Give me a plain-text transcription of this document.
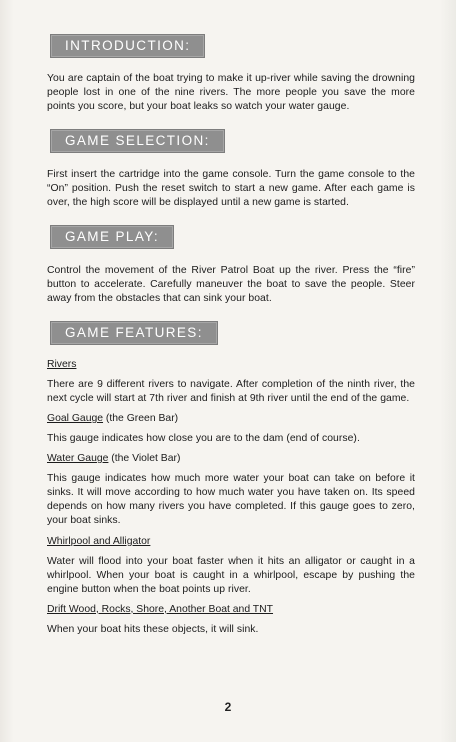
INTRODUCTION:

You are captain of the boat trying to make it up-river while saving the drowning people lost in one of the nine rivers. The more people you save the more points you score, but your boat leaks so watch your water gauge.

GAME SELECTION:

First insert the cartridge into the game console. Turn the game console to the “On” position. Push the reset switch to start a new game. After each game is over, the high score will be displayed until a new game is started.

GAME PLAY:

Control the movement of the River Patrol Boat up the river. Press the “fire” button to accelerate. Carefully maneuver the boat to save the people. Steer away from the obstacles that can sink your boat.

GAME FEATURES:

Rivers

There are 9 different rivers to navigate. After completion of the ninth river, the next cycle will start at 7th river and finish at 9th river until the end of the game.

Goal Gauge (the Green Bar)

This gauge indicates how close you are to the dam (end of course).

Water Gauge (the Violet Bar)

This gauge indicates how much more water your boat can take on before it sinks. It will move according to how much water you have taken on. Its speed depends on how many rivers you have completed. If this gauge goes to zero, your boat sinks.

Whirlpool and Alligator

Water will flood into your boat faster when it hits an alligator or caught in a whirlpool. When your boat is caught in a whirlpool, escape by pushing the engine button when the boat points up river.

Drift Wood, Rocks, Shore, Another Boat and TNT

When your boat hits these objects, it will sink.

2
